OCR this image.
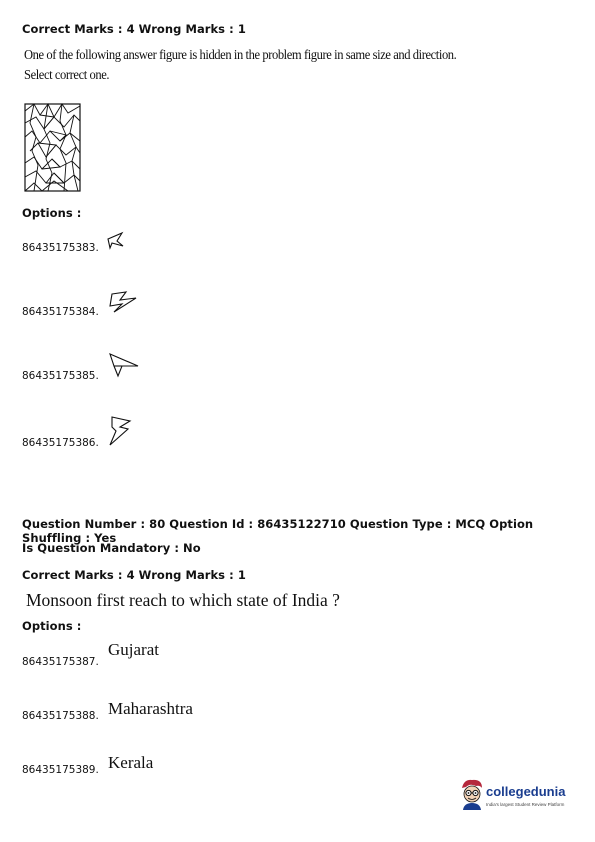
Correct Marks : 4 Wrong Marks : 1
One of the following answer figure is hidden in the problem figure in same size and direction.
Select correct one.
Options :
86435175383.
86435175384.
86435175385.
86435175386.
Question Number : 80 Question Id : 86435122710 Question Type : MCQ Option Shuffling : Yes
Is Question Mandatory : No
Correct Marks : 4 Wrong Marks : 1
Monsoon first reach to which state of India ?
Options :
86435175387.
Gujarat
86435175388. Maharashtra
86435175389. Kerala
collegedunia
India's largest Student Review Platform
